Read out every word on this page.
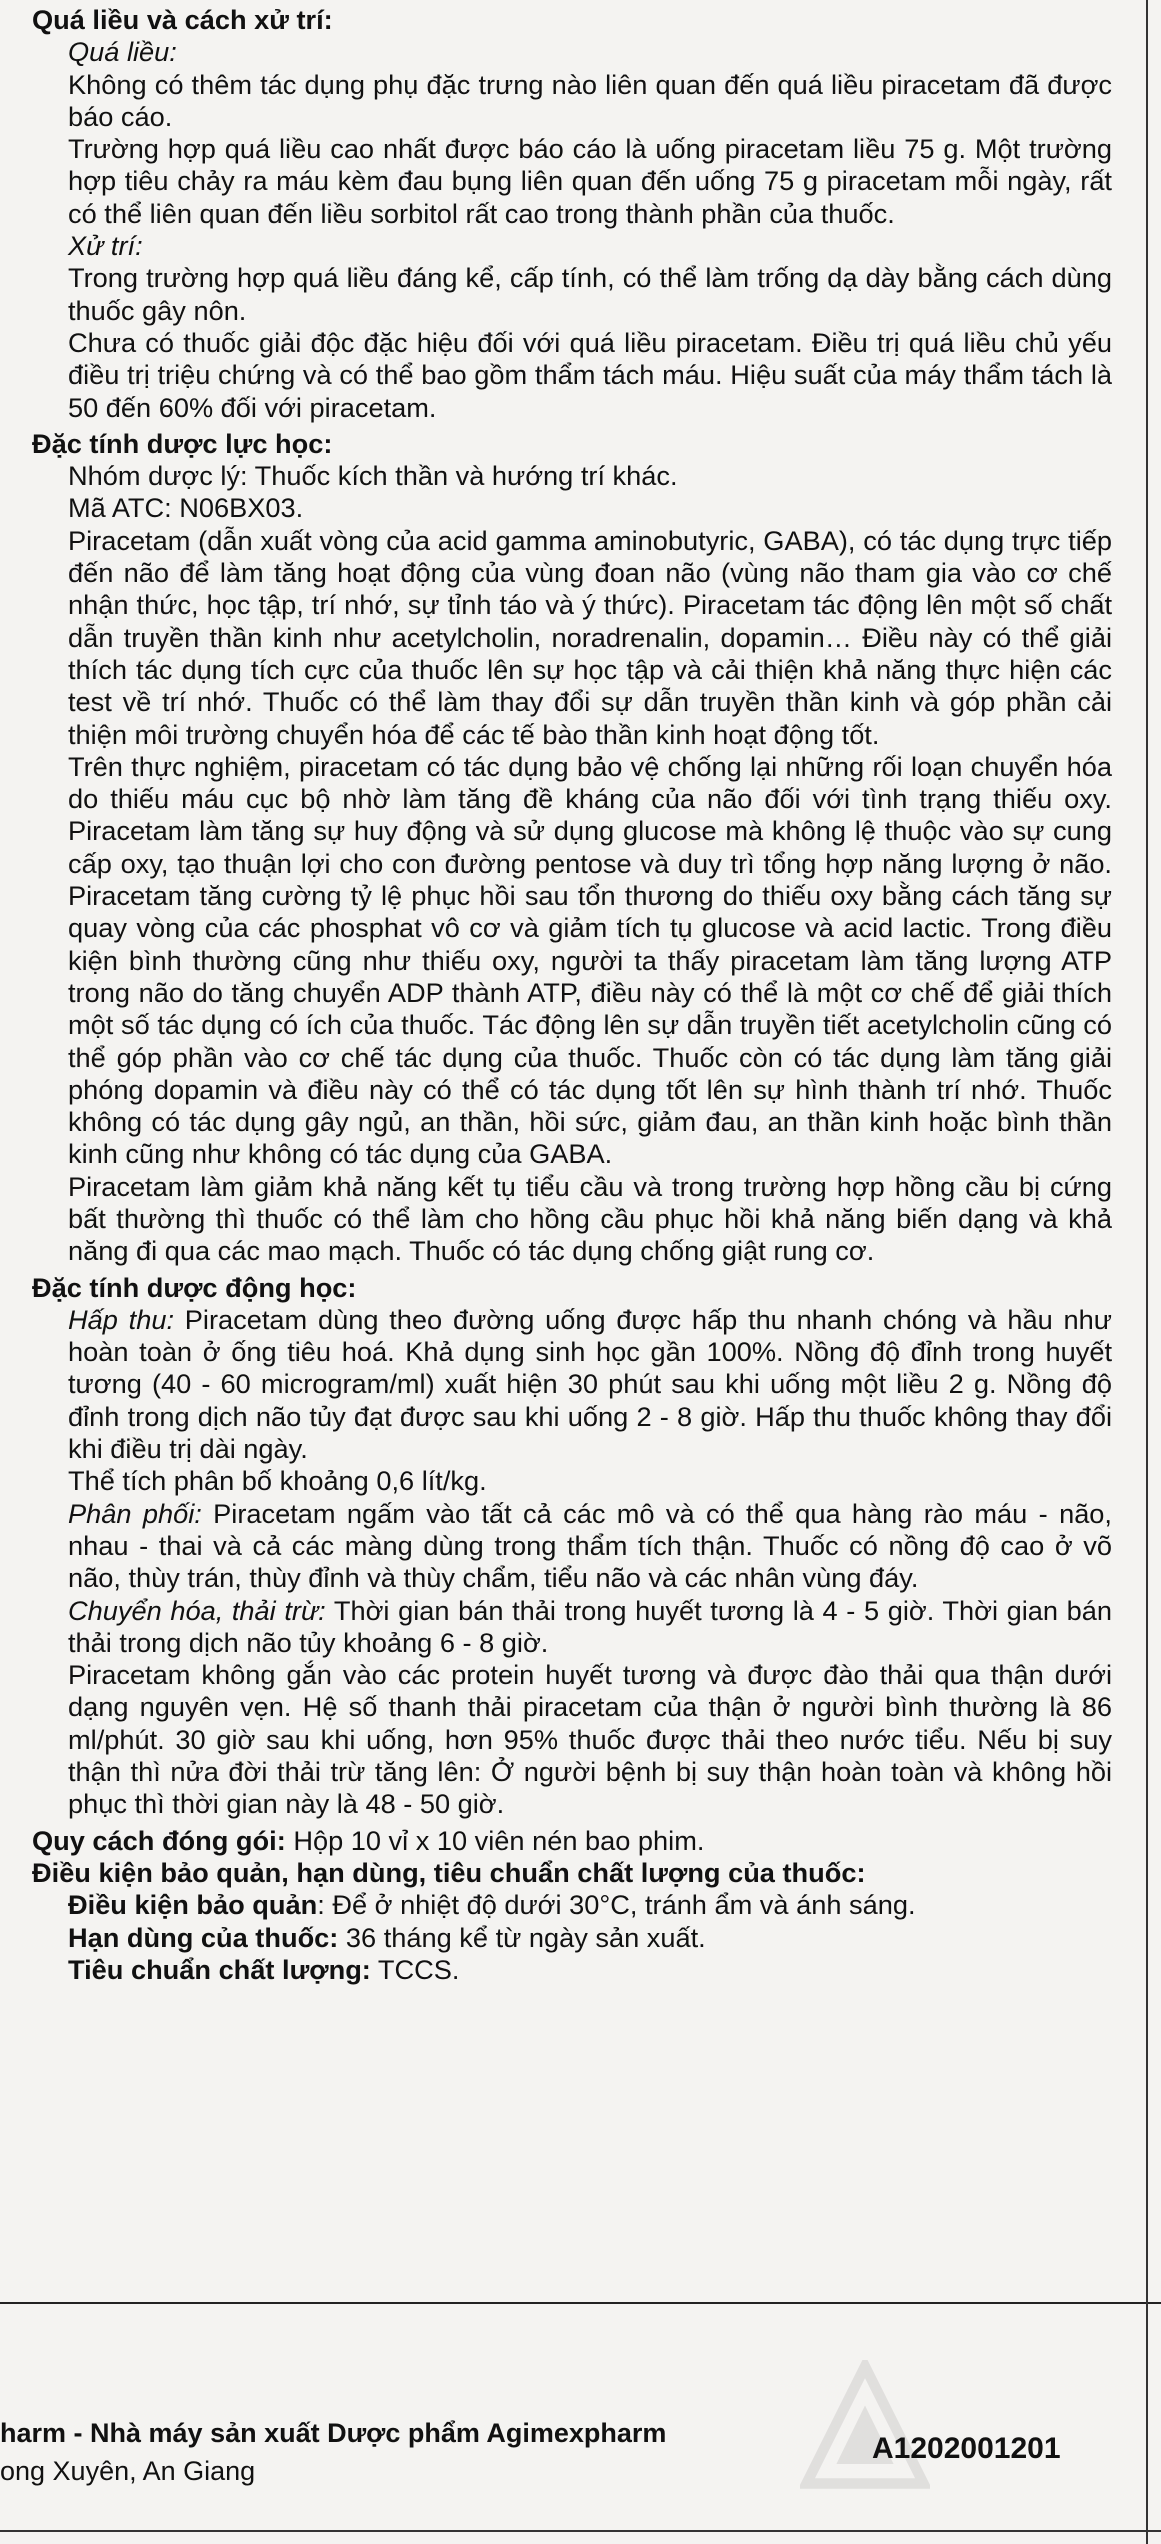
Quá liều và cách xử trí:

Quá liều:

Không có thêm tác dụng phụ đặc trưng nào liên quan đến quá liều piracetam đã được báo cáo.

Trường hợp quá liều cao nhất được báo cáo là uống piracetam liều 75 g. Một trường hợp tiêu chảy ra máu kèm đau bụng liên quan đến uống 75 g piracetam mỗi ngày, rất có thể liên quan đến liều sorbitol rất cao trong thành phần của thuốc.

Xử trí:

Trong trường hợp quá liều đáng kể, cấp tính, có thể làm trống dạ dày bằng cách dùng thuốc gây nôn.

Chưa có thuốc giải độc đặc hiệu đối với quá liều piracetam. Điều trị quá liều chủ yếu điều trị triệu chứng và có thể bao gồm thẩm tách máu. Hiệu suất của máy thẩm tách là 50 đến 60% đối với piracetam.

Đặc tính dược lực học:

Nhóm dược lý: Thuốc kích thần và hướng trí khác.

Mã ATC: N06BX03.

Piracetam (dẫn xuất vòng của acid gamma aminobutyric, GABA), có tác dụng trực tiếp đến não để làm tăng hoạt động của vùng đoan não (vùng não tham gia vào cơ chế nhận thức, học tập, trí nhớ, sự tỉnh táo và ý thức). Piracetam tác động lên một số chất dẫn truyền thần kinh như acetylcholin, noradrenalin, dopamin… Điều này có thể giải thích tác dụng tích cực của thuốc lên sự học tập và cải thiện khả năng thực hiện các test về trí nhớ. Thuốc có thể làm thay đổi sự dẫn truyền thần kinh và góp phần cải thiện môi trường chuyển hóa để các tế bào thần kinh hoạt động tốt.

Trên thực nghiệm, piracetam có tác dụng bảo vệ chống lại những rối loạn chuyển hóa do thiếu máu cục bộ nhờ làm tăng đề kháng của não đối với tình trạng thiếu oxy. Piracetam làm tăng sự huy động và sử dụng glucose mà không lệ thuộc vào sự cung cấp oxy, tạo thuận lợi cho con đường pentose và duy trì tổng hợp năng lượng ở não. Piracetam tăng cường tỷ lệ phục hồi sau tổn thương do thiếu oxy bằng cách tăng sự quay vòng của các phosphat vô cơ và giảm tích tụ glucose và acid lactic. Trong điều kiện bình thường cũng như thiếu oxy, người ta thấy piracetam làm tăng lượng ATP trong não do tăng chuyển ADP thành ATP, điều này có thể là một cơ chế để giải thích một số tác dụng có ích của thuốc. Tác động lên sự dẫn truyền tiết acetylcholin cũng có thể góp phần vào cơ chế tác dụng của thuốc. Thuốc còn có tác dụng làm tăng giải phóng dopamin và điều này có thể có tác dụng tốt lên sự hình thành trí nhớ. Thuốc không có tác dụng gây ngủ, an thần, hồi sức, giảm đau, an thần kinh hoặc bình thần kinh cũng như không có tác dụng của GABA.

Piracetam làm giảm khả năng kết tụ tiểu cầu và trong trường hợp hồng cầu bị cứng bất thường thì thuốc có thể làm cho hồng cầu phục hồi khả năng biến dạng và khả năng đi qua các mao mạch. Thuốc có tác dụng chống giật rung cơ.

Đặc tính dược động học:

Hấp thu: Piracetam dùng theo đường uống được hấp thu nhanh chóng và hầu như hoàn toàn ở ống tiêu hoá. Khả dụng sinh học gần 100%. Nồng độ đỉnh trong huyết tương (40 - 60 microgram/ml) xuất hiện 30 phút sau khi uống một liều 2 g. Nồng độ đỉnh trong dịch não tủy đạt được sau khi uống 2 - 8 giờ. Hấp thu thuốc không thay đổi khi điều trị dài ngày.

Thể tích phân bố khoảng 0,6 lít/kg.

Phân phối: Piracetam ngấm vào tất cả các mô và có thể qua hàng rào máu - não, nhau - thai và cả các màng dùng trong thẩm tích thận. Thuốc có nồng độ cao ở võ não, thùy trán, thùy đỉnh và thùy chẩm, tiểu não và các nhân vùng đáy.

Chuyển hóa, thải trừ: Thời gian bán thải trong huyết tương là 4 - 5 giờ. Thời gian bán thải trong dịch não tủy khoảng 6 - 8 giờ.

Piracetam không gắn vào các protein huyết tương và được đào thải qua thận dưới dạng nguyên vẹn. Hệ số thanh thải piracetam của thận ở người bình thường là 86 ml/phút. 30 giờ sau khi uống, hơn 95% thuốc được thải theo nước tiểu. Nếu bị suy thận thì nửa đời thải trừ tăng lên: Ở người bệnh bị suy thận hoàn toàn và không hồi phục thì thời gian này là 48 - 50 giờ.

Quy cách đóng gói: Hộp 10 vỉ x 10 viên nén bao phim.

Điều kiện bảo quản, hạn dùng, tiêu chuẩn chất lượng của thuốc:

Điều kiện bảo quản: Để ở nhiệt độ dưới 30°C, tránh ẩm và ánh sáng.

Hạn dùng của thuốc: 36 tháng kể từ ngày sản xuất.

Tiêu chuẩn chất lượng: TCCS.

harm - Nhà máy sản xuất Dược phẩm Agimexpharm
ong Xuyên, An Giang
A1202001201
